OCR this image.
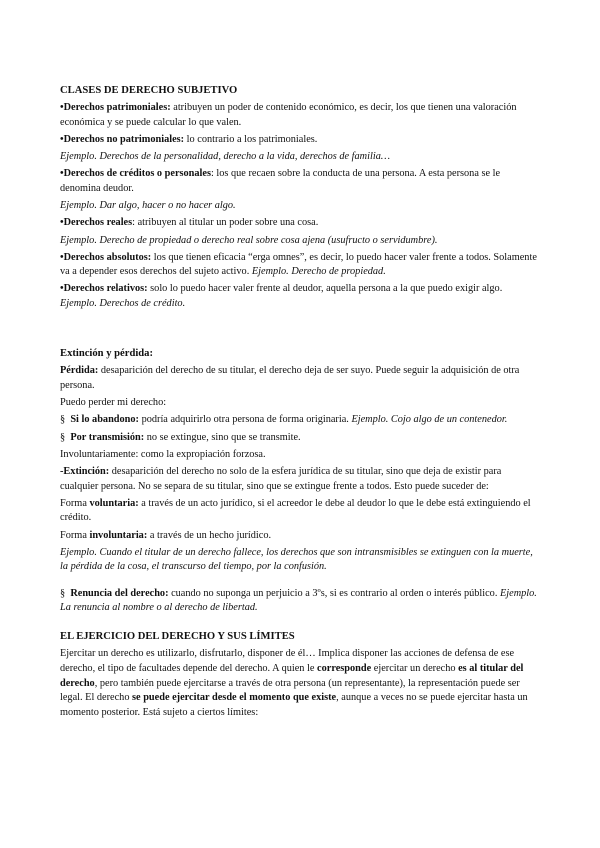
CLASES DE DERECHO SUBJETIVO
•Derechos patrimoniales: atribuyen un poder de contenido económico, es decir, los que tienen una valoración económica y se puede calcular lo que valen.
•Derechos no patrimoniales: lo contrario a los patrimoniales.
Ejemplo. Derechos de la personalidad, derecho a la vida, derechos de familia…
•Derechos de créditos o personales: los que recaen sobre la conducta de una persona. A esta persona se le denomina deudor.
Ejemplo. Dar algo, hacer o no hacer algo.
•Derechos reales: atribuyen al titular un poder sobre una cosa.
Ejemplo. Derecho de propiedad o derecho real sobre cosa ajena (usufructo o servidumbre).
•Derechos absolutos: los que tienen eficacia “erga omnes”, es decir, lo puedo hacer valer frente a todos. Solamente va a depender esos derechos del sujeto activo. Ejemplo. Derecho de propiedad.
•Derechos relativos: solo lo puedo hacer valer frente al deudor, aquella persona a la que puedo exigir algo. Ejemplo. Derechos de crédito.
Extinción y pérdida:
Pérdida: desaparición del derecho de su titular, el derecho deja de ser suyo. Puede seguir la adquisición de otra persona.
Puedo perder mi derecho:
§ Si lo abandono: podría adquirirlo otra persona de forma originaria. Ejemplo. Cojo algo de un contenedor.
§ Por transmisión: no se extingue, sino que se transmite.
Involuntariamente: como la expropiación forzosa.
-Extinción: desaparición del derecho no solo de la esfera jurídica de su titular, sino que deja de existir para cualquier persona. No se separa de su titular, sino que se extingue frente a todos. Esto puede suceder de:
Forma voluntaria: a través de un acto jurídico, si el acreedor le debe al deudor lo que le debe está extinguiendo el crédito.
Forma involuntaria: a través de un hecho jurídico.
Ejemplo. Cuando el titular de un derecho fallece, los derechos que son intransmisibles se extinguen con la muerte, la pérdida de la cosa, el transcurso del tiempo, por la confusión.
§ Renuncia del derecho: cuando no suponga un perjuicio a 3ºs, si es contrario al orden o interés público. Ejemplo. La renuncia al nombre o al derecho de libertad.
EL EJERCICIO DEL DERECHO Y SUS LÍMITES
Ejercitar un derecho es utilizarlo, disfrutarlo, disponer de él… Implica disponer las acciones de defensa de ese derecho, el tipo de facultades depende del derecho. A quien le corresponde ejercitar un derecho es al titular del derecho, pero también puede ejercitarse a través de otra persona (un representante), la representación puede ser legal. El derecho se puede ejercitar desde el momento que existe, aunque a veces no se puede ejercitar hasta un momento posterior. Está sujeto a ciertos límites:
